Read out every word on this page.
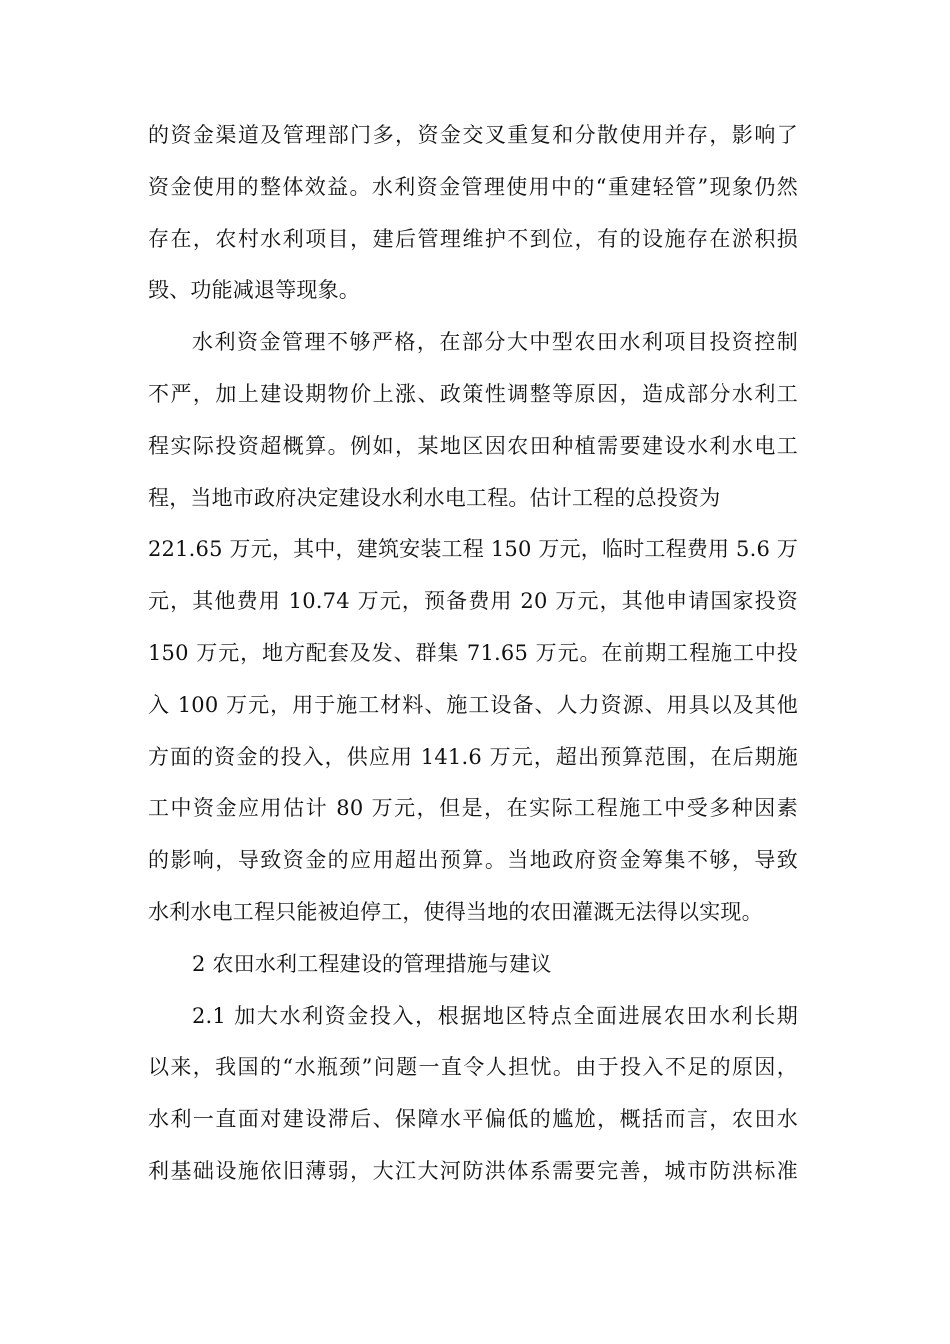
的资金渠道及管理部门多，资金交叉重复和分散使用并存，影响了
资金使用的整体效益。水利资金管理使用中的“重建轻管”现象仍然
存在，农村水利项目，建后管理维护不到位，有的设施存在淤积损
毁、功能减退等现象。
水利资金管理不够严格，在部分大中型农田水利项目投资控制
不严，加上建设期物价上涨、政策性调整等原因，造成部分水利工
程实际投资超概算。例如，某地区因农田种植需要建设水利水电工
程，当地市政府决定建设水利水电工程。估计工程的总投资为
221.65 万元，其中，建筑安装工程 150 万元，临时工程费用 5.6 万
元，其他费用 10.74 万元，预备费用 20 万元，其他申请国家投资
150 万元，地方配套及发、群集 71.65 万元。在前期工程施工中投
入 100 万元，用于施工材料、施工设备、人力资源、用具以及其他
方面的资金的投入，供应用 141.6 万元，超出预算范围，在后期施
工中资金应用估计 80 万元，但是，在实际工程施工中受多种因素
的影响，导致资金的应用超出预算。当地政府资金筹集不够，导致
水利水电工程只能被迫停工，使得当地的农田灌溉无法得以实现。
2 农田水利工程建设的管理措施与建议
2.1 加大水利资金投入，根据地区特点全面进展农田水利长期
以来，我国的“水瓶颈”问题一直令人担忧。由于投入不足的原因，
水利一直面对建设滞后、保障水平偏低的尴尬，概括而言，农田水
利基础设施依旧薄弱，大江大河防洪体系需要完善，城市防洪标准
